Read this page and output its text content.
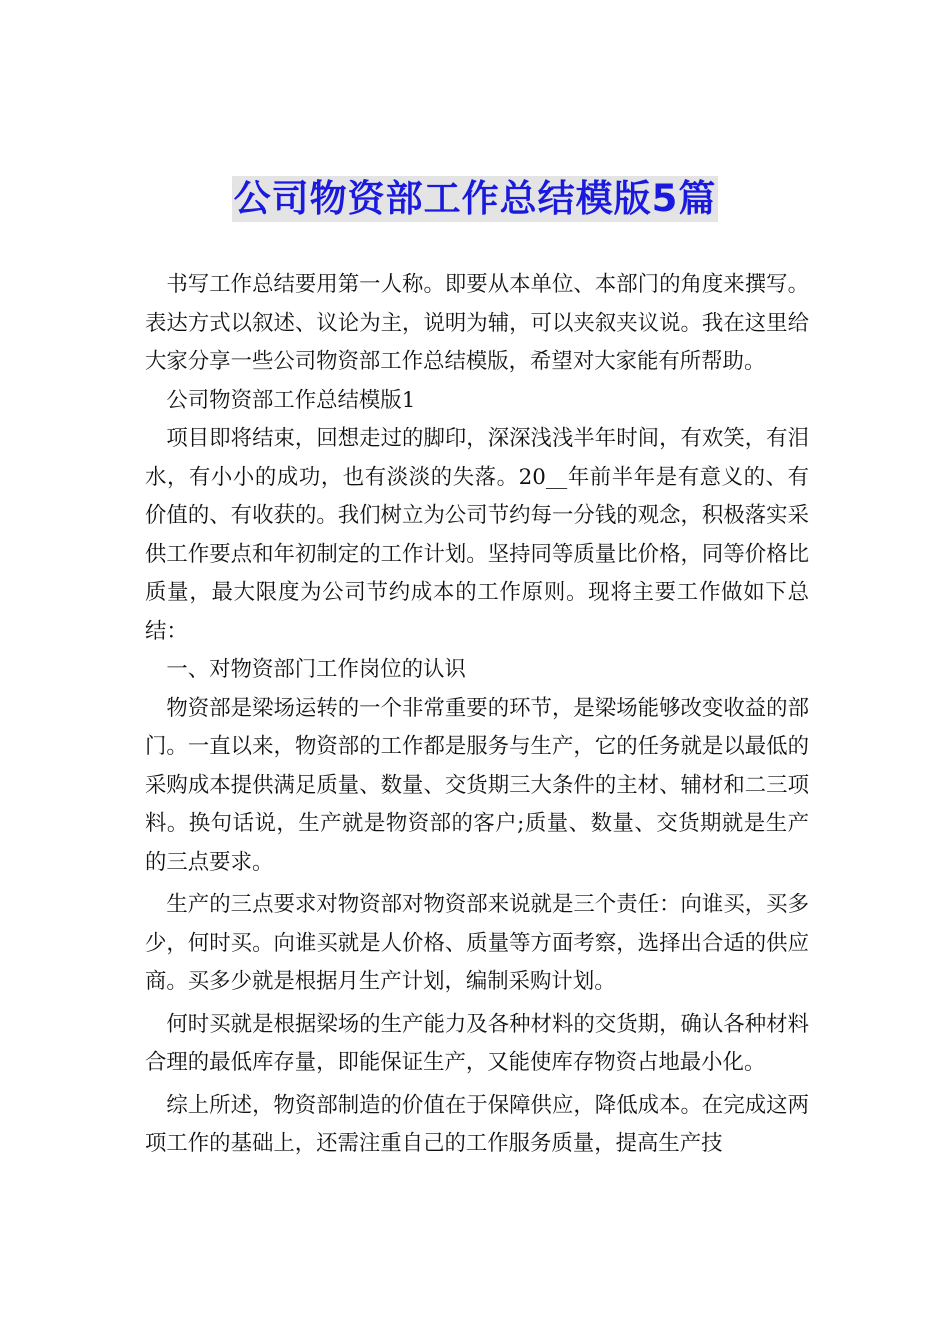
公司物资部工作总结模版5篇

书写工作总结要用第一人称。即要从本单位、本部门的角度来撰写。表达方式以叙述、议论为主，说明为辅，可以夹叙夹议说。我在这里给大家分享一些公司物资部工作总结模版，希望对大家能有所帮助。

公司物资部工作总结模版1

项目即将结束，回想走过的脚印，深深浅浅半年时间，有欢笑，有泪水，有小小的成功，也有淡淡的失落。20__年前半年是有意义的、有价值的、有收获的。我们树立为公司节约每一分钱的观念，积极落实采供工作要点和年初制定的工作计划。坚持同等质量比价格，同等价格比质量，最大限度为公司节约成本的工作原则。现将主要工作做如下总结：

一、对物资部门工作岗位的认识

物资部是梁场运转的一个非常重要的环节，是梁场能够改变收益的部门。一直以来，物资部的工作都是服务与生产，它的任务就是以最低的采购成本提供满足质量、数量、交货期三大条件的主材、辅材和二三项料。换句话说，生产就是物资部的客户;质量、数量、交货期就是生产的三点要求。

生产的三点要求对物资部对物资部来说就是三个责任：向谁买，买多少，何时买。向谁买就是人价格、质量等方面考察，选择出合适的供应商。买多少就是根据月生产计划，编制采购计划。

何时买就是根据梁场的生产能力及各种材料的交货期，确认各种材料合理的最低库存量，即能保证生产，又能使库存物资占地最小化。

综上所述，物资部制造的价值在于保障供应，降低成本。在完成这两项工作的基础上，还需注重自己的工作服务质量，提高生产技
